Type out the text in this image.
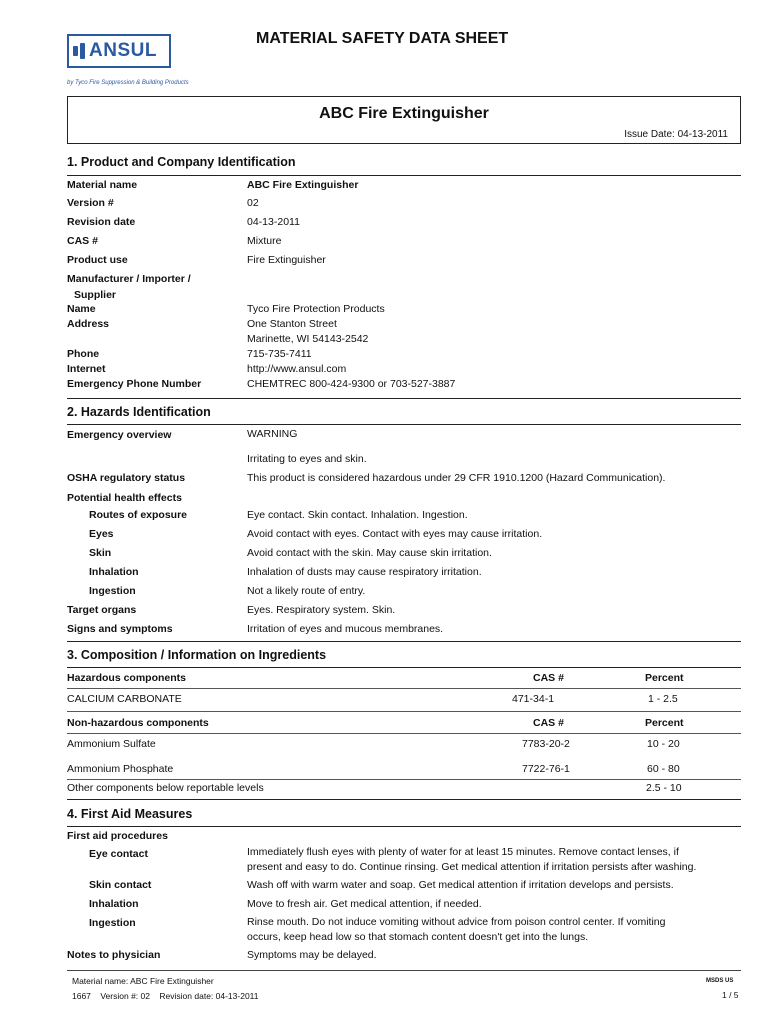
ANSUL
by Tyco Fire Suppression & Building Products
MATERIAL SAFETY DATA SHEET
ABC Fire Extinguisher
Issue Date: 04-13-2011
1. Product and Company Identification
Material name	ABC Fire Extinguisher
Version #	02
Revision date	04-13-2011
CAS #	Mixture
Product use	Fire Extinguisher
Manufacturer / Importer /
Supplier
Name	Tyco Fire Protection Products
Address	One Stanton Street
Marinette, WI 54143-2542
Phone	715-735-7411
Internet	http://www.ansul.com
Emergency Phone Number	CHEMTREC 800-424-9300 or 703-527-3887
2. Hazards Identification
Emergency overview	WARNING
Irritating to eyes and skin.
OSHA regulatory status	This product is considered hazardous under 29 CFR 1910.1200 (Hazard Communication).
Potential health effects
Routes of exposure	Eye contact. Skin contact. Inhalation. Ingestion.
Eyes	Avoid contact with eyes. Contact with eyes may cause irritation.
Skin	Avoid contact with the skin. May cause skin irritation.
Inhalation	Inhalation of dusts may cause respiratory irritation.
Ingestion	Not a likely route of entry.
Target organs	Eyes. Respiratory system. Skin.
Signs and symptoms	Irritation of eyes and mucous membranes.
3. Composition / Information on Ingredients
Hazardous components	CAS #	Percent
CALCIUM CARBONATE	471-34-1	1 - 2.5
Non-hazardous components	CAS #	Percent
Ammonium Sulfate	7783-20-2	10 - 20
Ammonium Phosphate	7722-76-1	60 - 80
Other components below reportable levels	2.5 - 10
4. First Aid Measures
First aid procedures
Eye contact	Immediately flush eyes with plenty of water for at least 15 minutes. Remove contact lenses, if
present and easy to do. Continue rinsing. Get medical attention if irritation persists after washing.
Skin contact	Wash off with warm water and soap. Get medical attention if irritation develops and persists.
Inhalation	Move to fresh air. Get medical attention, if needed.
Ingestion	Rinse mouth. Do not induce vomiting without advice from poison control center. If vomiting
occurs, keep head low so that stomach content doesn't get into the lungs.
Notes to physician	Symptoms may be delayed.
Material name: ABC Fire Extinguisher
1667    Version #: 02    Revision date: 04-13-2011
MSDS US
1 / 5
